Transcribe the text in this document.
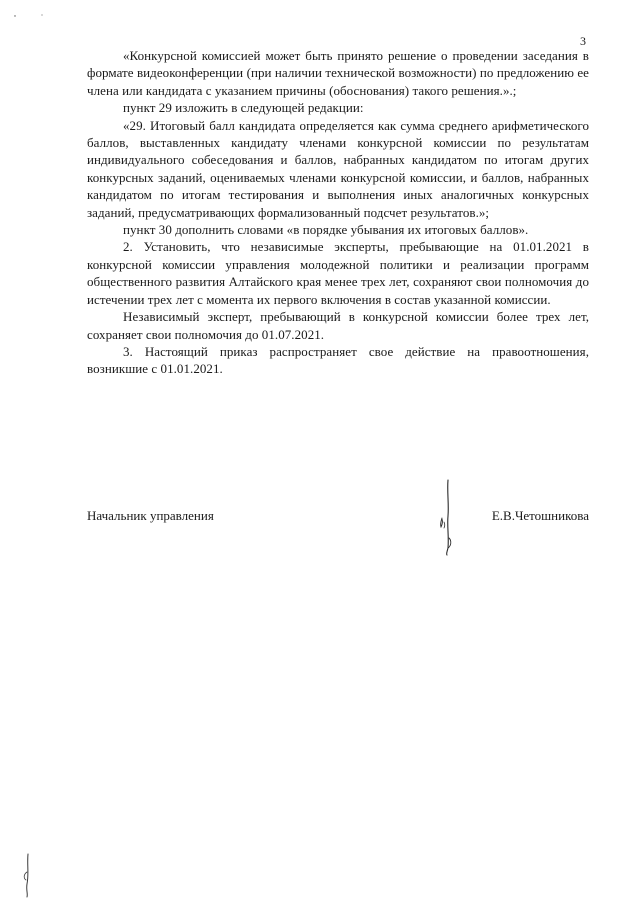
3

«Конкурсной комиссией может быть принято решение о проведении заседания в формате видеоконференции (при наличии технической возможности) по предложению ее члена или кандидата с указанием причины (обоснования) такого решения.».;

пункт 29 изложить в следующей редакции:

«29. Итоговый балл кандидата определяется как сумма среднего арифметического баллов, выставленных кандидату членами конкурсной комиссии по результатам индивидуального собеседования и баллов, набранных кандидатом по итогам других конкурсных заданий, оцениваемых членами конкурсной комиссии, и баллов, набранных кандидатом по итогам тестирования и выполнения иных аналогичных конкурсных заданий, предусматривающих формализованный подсчет результатов.»;

пункт 30 дополнить словами «в порядке убывания их итоговых баллов».

2. Установить, что независимые эксперты, пребывающие на 01.01.2021 в конкурсной комиссии управления молодежной политики и реализации программ общественного развития Алтайского края менее трех лет, сохраняют свои полномочия до истечении трех лет с момента их первого включения в состав указанной комиссии.

Независимый эксперт, пребывающий в конкурсной комиссии более трех лет, сохраняет свои полномочия до 01.07.2021.

3. Настоящий приказ распространяет свое действие на правоотношения, возникшие с 01.01.2021.

Начальник управления	Е.В.Четошникова
